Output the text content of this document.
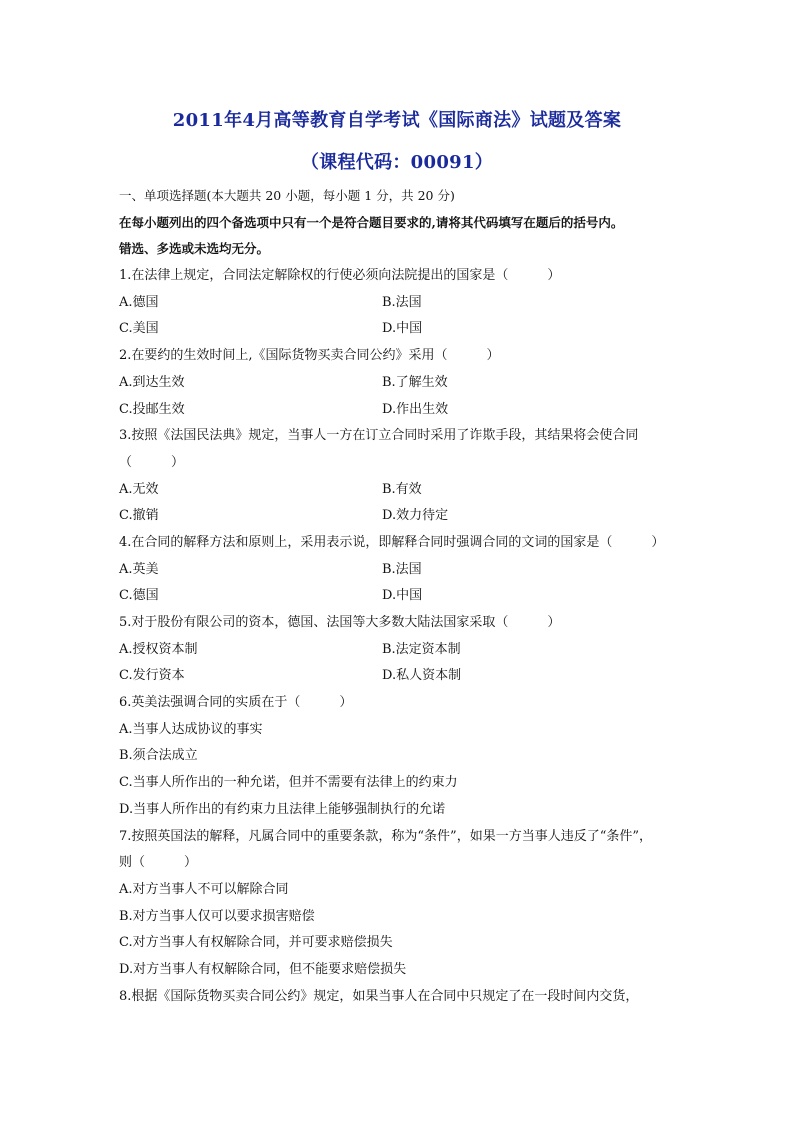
2011年4月高等教育自学考试《国际商法》试题及答案
（课程代码：00091）
一、单项选择题(本大题共 20 小题，每小题 1 分，共 20 分)
在每小题列出的四个备选项中只有一个是符合题目要求的,请将其代码填写在题后的括号内。
错选、多选或未选均无分。
1.在法律上规定，合同法定解除权的行使必须向法院提出的国家是（　　　）
A.德国	B.法国
C.美国	D.中国
2.在要约的生效时间上,《国际货物买卖合同公约》采用（　　　）
A.到达生效	B.了解生效
C.投邮生效	D.作出生效
3.按照《法国民法典》规定，当事人一方在订立合同时采用了诈欺手段，其结果将会使合同
（　　　）
A.无效	B.有效
C.撤销	D.效力待定
4.在合同的解释方法和原则上，采用表示说，即解释合同时强调合同的文词的国家是（　　　）
A.英美	B.法国
C.德国	D.中国
5.对于股份有限公司的资本，德国、法国等大多数大陆法国家采取（　　　）
A.授权资本制	B.法定资本制
C.发行资本	D.私人资本制
6.英美法强调合同的实质在于（　　　）
A.当事人达成协议的事实
B.须合法成立
C.当事人所作出的一种允诺，但并不需要有法律上的约束力
D.当事人所作出的有约束力且法律上能够强制执行的允诺
7.按照英国法的解释，凡属合同中的重要条款，称为“条件”，如果一方当事人违反了“条件”，
则（　　　）
A.对方当事人不可以解除合同
B.对方当事人仅可以要求损害赔偿
C.对方当事人有权解除合同，并可要求赔偿损失
D.对方当事人有权解除合同，但不能要求赔偿损失
8.根据《国际货物买卖合同公约》规定，如果当事人在合同中只规定了在一段时间内交货，
